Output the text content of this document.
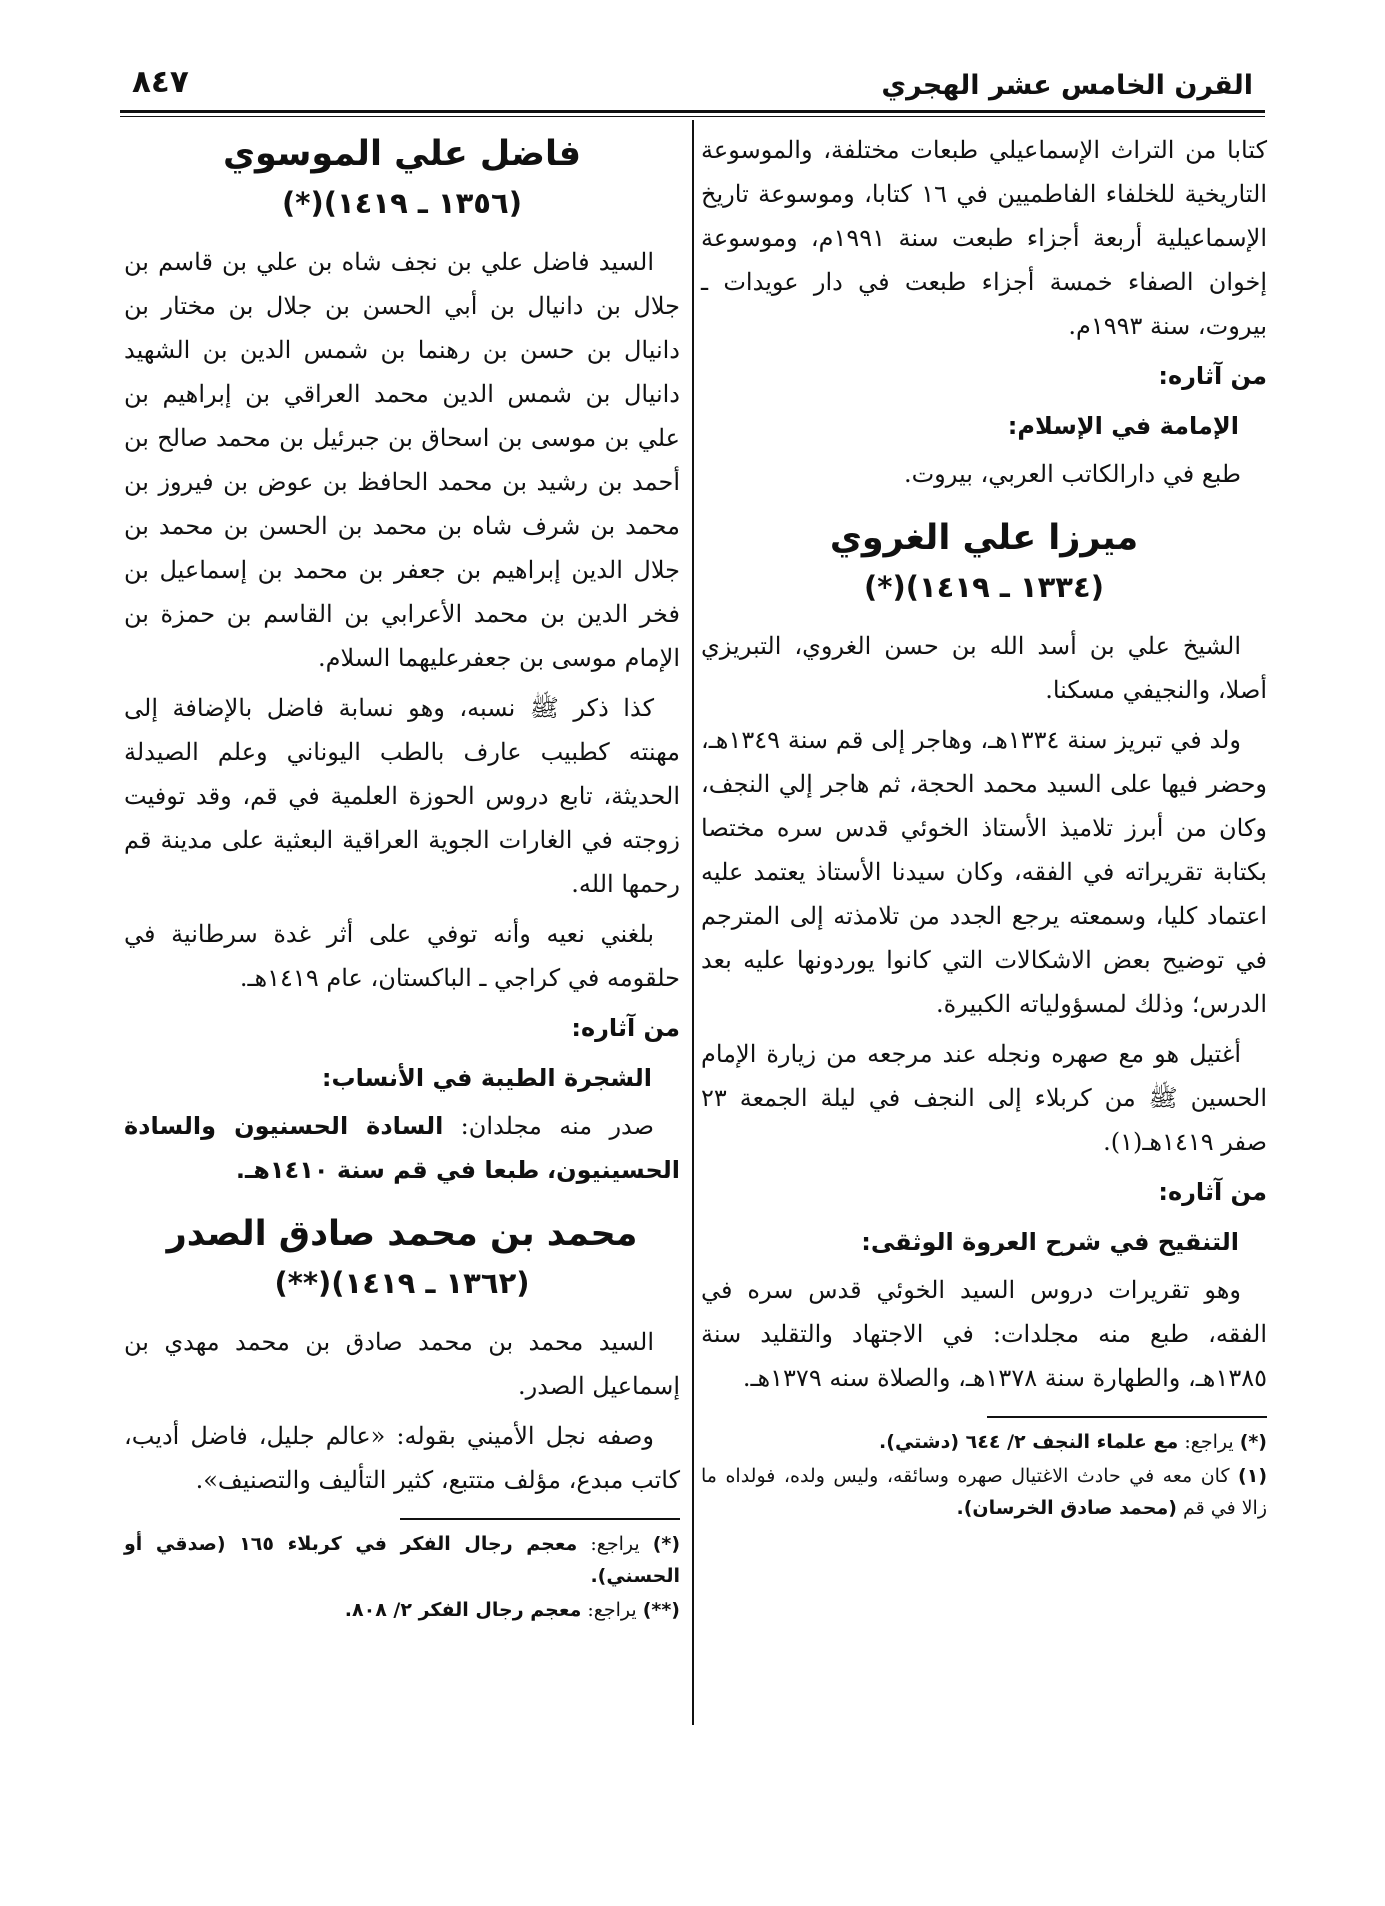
القرن الخامس عشر الهجري
٨٤٧

كتابا من التراث الإسماعيلي طبعات مختلفة، والموسوعة التاريخية للخلفاء الفاطميين في ١٦ كتابا، وموسوعة تاريخ الإسماعيلية أربعة أجزاء طبعت سنة ١٩٩١م، وموسوعة إخوان الصفاء خمسة أجزاء طبعت في دار عويدات ـ بيروت، سنة ١٩٩٣م.

من آثاره:
الإمامة في الإسلام:

طبع في دارالكاتب العربي، بيروت.

ميرزا علي الغروي
(١٣٣٤ ـ ١٤١٩)(*)

الشيخ علي بن أسد الله بن حسن الغروي، التبريزي أصلا، والنجيفي مسكنا.

ولد في تبريز سنة ١٣٣٤هـ، وهاجر إلى قم سنة ١٣٤٩هـ، وحضر فيها على السيد محمد الحجة، ثم هاجر إلي النجف، وكان من أبرز تلاميذ الأستاذ الخوئي قدس سره مختصا بكتابة تقريراته في الفقه، وكان سيدنا الأستاذ يعتمد عليه اعتماد كليا، وسمعته يرجع الجدد من تلامذته إلى المترجم في توضيح بعض الاشكالات التي كانوا يوردونها عليه بعد الدرس؛ وذلك لمسؤولياته الكبيرة.

أغتيل هو مع صهره ونجله عند مرجعه من زيارة الإمام الحسين ﷺ من كربلاء إلى النجف في ليلة الجمعة ٢٣ صفر ١٤١٩هـ(١).

من آثاره:
التنقيح في شرح العروة الوثقى:

وهو تقريرات دروس السيد الخوئي قدس سره في الفقه، طبع منه مجلدات: في الاجتهاد والتقليد سنة ١٣٨٥هـ، والطهارة سنة ١٣٧٨هـ، والصلاة سنه ١٣٧٩هـ.

(*) يراجع: مع علماء النجف ٢/ ٦٤٤ (دشتي).
(١) كان معه في حادث الاغتيال صهره وسائقه، وليس ولده، فولداه ما زالا في قم (محمد صادق الخرسان).
فاضل علي الموسوي
(١٣٥٦ ـ ١٤١٩)(*)

السيد فاضل علي بن نجف شاه بن علي بن قاسم بن جلال بن دانيال بن أبي الحسن بن جلال بن مختار بن دانيال بن حسن بن رهنما بن شمس الدين بن الشهيد دانيال بن شمس الدين محمد العراقي بن إبراهيم بن علي بن موسى بن اسحاق بن جبرئيل بن محمد صالح بن أحمد بن رشيد بن محمد الحافظ بن عوض بن فيروز بن محمد بن شرف شاه بن محمد بن الحسن بن محمد بن جلال الدين إبراهيم بن جعفر بن محمد بن إسماعيل بن فخر الدين بن محمد الأعرابي بن القاسم بن حمزة بن الإمام موسى بن جعفرعليهما السلام.

كذا ذكر ﷺ نسبه، وهو نسابة فاضل بالإضافة إلى مهنته كطبيب عارف بالطب اليوناني وعلم الصيدلة الحديثة، تابع دروس الحوزة العلمية في قم، وقد توفيت زوجته في الغارات الجوية العراقية البعثية على مدينة قم رحمها الله.

بلغني نعيه وأنه توفي على أثر غدة سرطانية في حلقومه في كراجي ـ الباكستان، عام ١٤١٩هـ.

من آثاره:
الشجرة الطيبة في الأنساب:

صدر منه مجلدان: السادة الحسنيون والسادة الحسينيون، طبعا في قم سنة ١٤١٠هـ.

محمد بن محمد صادق الصدر
(١٣٦٢ ـ ١٤١٩)(**)

السيد محمد بن محمد صادق بن محمد مهدي بن إسماعيل الصدر.

وصفه نجل الأميني بقوله: «عالم جليل، فاضل أديب، كاتب مبدع، مؤلف متتبع، كثير التأليف والتصنيف».

(*) يراجع: معجم رجال الفكر في كربلاء ١٦٥ (صدقي أو الحسني).
(**) يراجع: معجم رجال الفكر ٢/ ٨٠٨.
